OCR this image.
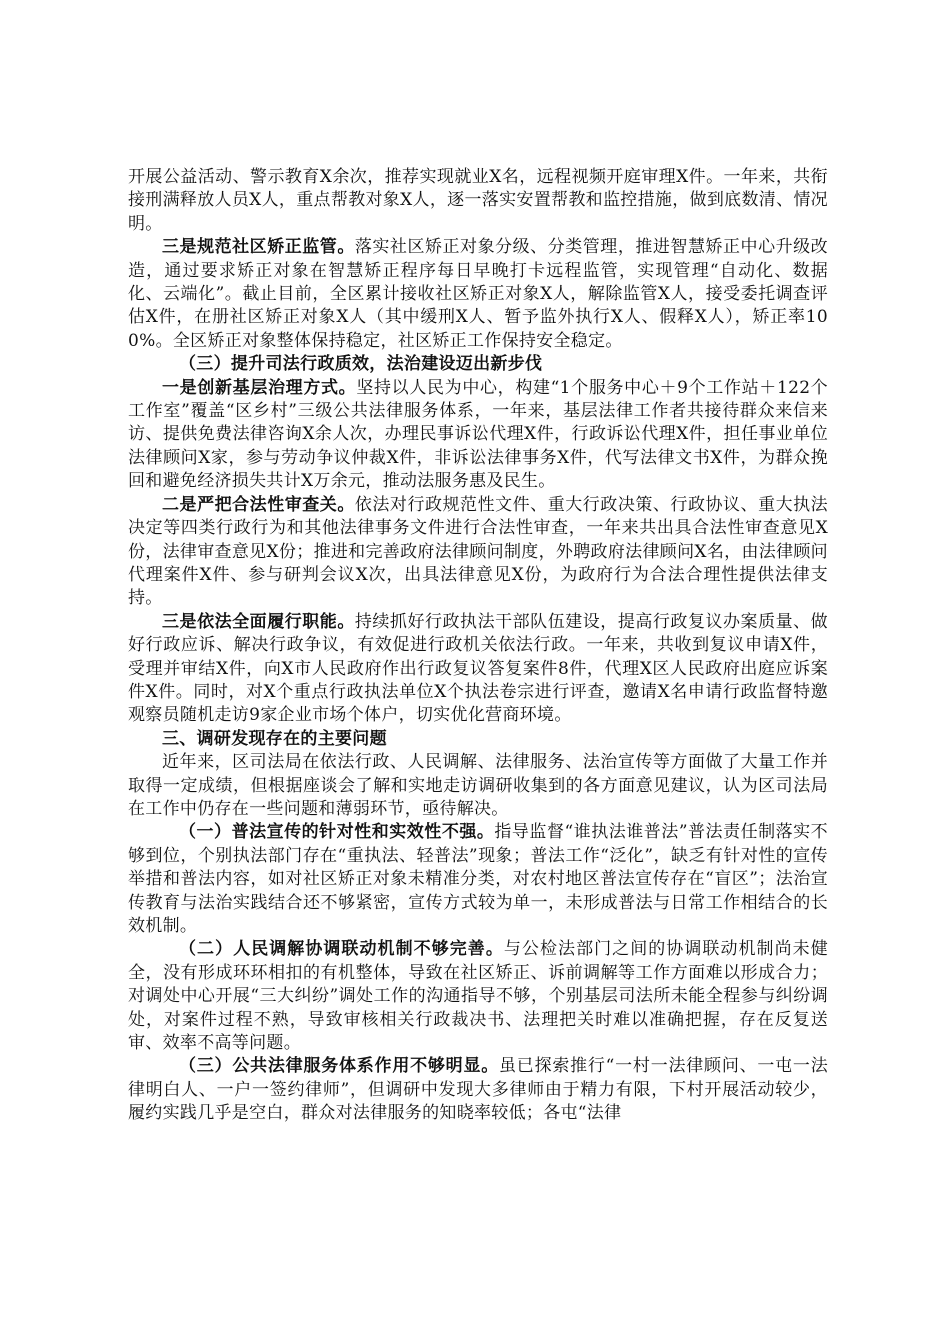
开展公益活动、警示教育X余次，推荐实现就业X名，远程视频开庭审理X件。一年来，共衔接刑满释放人员X人，重点帮教对象X人，逐一落实安置帮教和监控措施，做到底数清、情况明。

三是规范社区矫正监管。落实社区矫正对象分级、分类管理，推进智慧矫正中心升级改造，通过要求矫正对象在智慧矫正程序每日早晚打卡远程监管，实现管理“自动化、数据化、云端化”。截止目前，全区累计接收社区矫正对象X人，解除监管X人，接受委托调查评估X件，在册社区矫正对象X人（其中缓刑X人、暂予监外执行X人、假释X人），矫正率100%。全区矫正对象整体保持稳定，社区矫正工作保持安全稳定。

（三）提升司法行政质效，法治建设迈出新步伐

一是创新基层治理方式。坚持以人民为中心，构建“1个服务中心＋9个工作站＋122个工作室”覆盖“区乡村”三级公共法律服务体系，一年来，基层法律工作者共接待群众来信来访、提供免费法律咨询X余人次，办理民事诉讼代理X件，行政诉讼代理X件，担任事业单位法律顾问X家，参与劳动争议仲裁X件，非诉讼法律事务X件，代写法律文书X件，为群众挽回和避免经济损失共计X万余元，推动法服务惠及民生。

二是严把合法性审查关。依法对行政规范性文件、重大行政决策、行政协议、重大执法决定等四类行政行为和其他法律事务文件进行合法性审查，一年来共出具合法性审查意见X份，法律审查意见X份；推进和完善政府法律顾问制度，外聘政府法律顾问X名，由法律顾问代理案件X件、参与研判会议X次，出具法律意见X份，为政府行为合法合理性提供法律支持。

三是依法全面履行职能。持续抓好行政执法干部队伍建设，提高行政复议办案质量、做好行政应诉、解决行政争议，有效促进行政机关依法行政。一年来，共收到复议申请X件，受理并审结X件，向X市人民政府作出行政复议答复案件8件，代理X区人民政府出庭应诉案件X件。同时，对X个重点行政执法单位X个执法卷宗进行评查，邀请X名申请行政监督特邀观察员随机走访9家企业市场个体户，切实优化营商环境。

三、调研发现存在的主要问题

近年来，区司法局在依法行政、人民调解、法律服务、法治宣传等方面做了大量工作并取得一定成绩，但根据座谈会了解和实地走访调研收集到的各方面意见建议，认为区司法局在工作中仍存在一些问题和薄弱环节，亟待解决。

（一）普法宣传的针对性和实效性不强。指导监督“谁执法谁普法”普法责任制落实不够到位，个别执法部门存在“重执法、轻普法”现象；普法工作“泛化”，缺乏有针对性的宣传举措和普法内容，如对社区矫正对象未精准分类，对农村地区普法宣传存在“盲区”；法治宣传教育与法治实践结合还不够紧密，宣传方式较为单一，未形成普法与日常工作相结合的长效机制。

（二）人民调解协调联动机制不够完善。与公检法部门之间的协调联动机制尚未健全，没有形成环环相扣的有机整体，导致在社区矫正、诉前调解等工作方面难以形成合力；对调处中心开展“三大纠纷”调处工作的沟通指导不够，个别基层司法所未能全程参与纠纷调处，对案件过程不熟，导致审核相关行政裁决书、法理把关时难以准确把握，存在反复送审、效率不高等问题。

（三）公共法律服务体系作用不够明显。虽已探索推行“一村一法律顾问、一屯一法律明白人、一户一签约律师”，但调研中发现大多律师由于精力有限，下村开展活动较少，履约实践几乎是空白，群众对法律服务的知晓率较低；各屯“法律
